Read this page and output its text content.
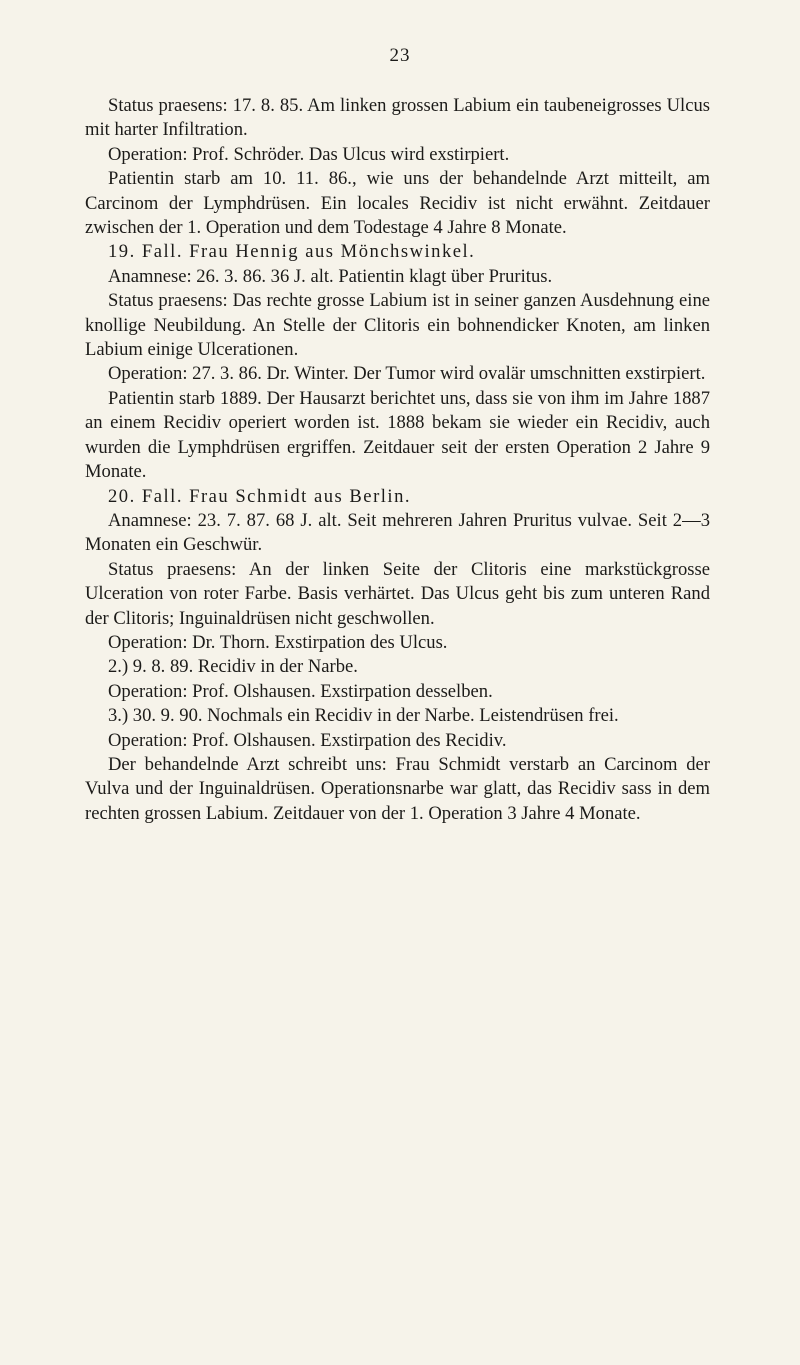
23

Status praesens: 17. 8. 85. Am linken grossen Labium ein taubeneigrosses Ulcus mit harter Infiltration.

Operation: Prof. Schröder. Das Ulcus wird exstirpiert.

Patientin starb am 10. 11. 86., wie uns der behandelnde Arzt mitteilt, am Carcinom der Lymphdrüsen. Ein locales Recidiv ist nicht erwähnt. Zeitdauer zwischen der 1. Operation und dem Todestage 4 Jahre 8 Monate.

19. Fall. Frau Hennig aus Mönchswinkel.

Anamnese: 26. 3. 86. 36 J. alt. Patientin klagt über Pruritus.

Status praesens: Das rechte grosse Labium ist in seiner ganzen Ausdehnung eine knollige Neubildung. An Stelle der Clitoris ein bohnendicker Knoten, am linken Labium einige Ulcerationen.

Operation: 27. 3. 86. Dr. Winter. Der Tumor wird ovalär umschnitten exstirpiert.

Patientin starb 1889. Der Hausarzt berichtet uns, dass sie von ihm im Jahre 1887 an einem Recidiv operiert worden ist. 1888 bekam sie wieder ein Recidiv, auch wurden die Lymphdrüsen ergriffen. Zeitdauer seit der ersten Operation 2 Jahre 9 Monate.

20. Fall. Frau Schmidt aus Berlin.

Anamnese: 23. 7. 87. 68 J. alt. Seit mehreren Jahren Pruritus vulvae. Seit 2—3 Monaten ein Geschwür.

Status praesens: An der linken Seite der Clitoris eine markstückgrosse Ulceration von roter Farbe. Basis verhärtet. Das Ulcus geht bis zum unteren Rand der Clitoris; Inguinaldrüsen nicht geschwollen.

Operation: Dr. Thorn. Exstirpation des Ulcus.

2.) 9. 8. 89. Recidiv in der Narbe.

Operation: Prof. Olshausen. Exstirpation desselben.

3.) 30. 9. 90. Nochmals ein Recidiv in der Narbe. Leistendrüsen frei.

Operation: Prof. Olshausen. Exstirpation des Recidiv.

Der behandelnde Arzt schreibt uns: Frau Schmidt verstarb an Carcinom der Vulva und der Inguinaldrüsen. Operationsnarbe war glatt, das Recidiv sass in dem rechten grossen Labium. Zeitdauer von der 1. Operation 3 Jahre 4 Monate.
